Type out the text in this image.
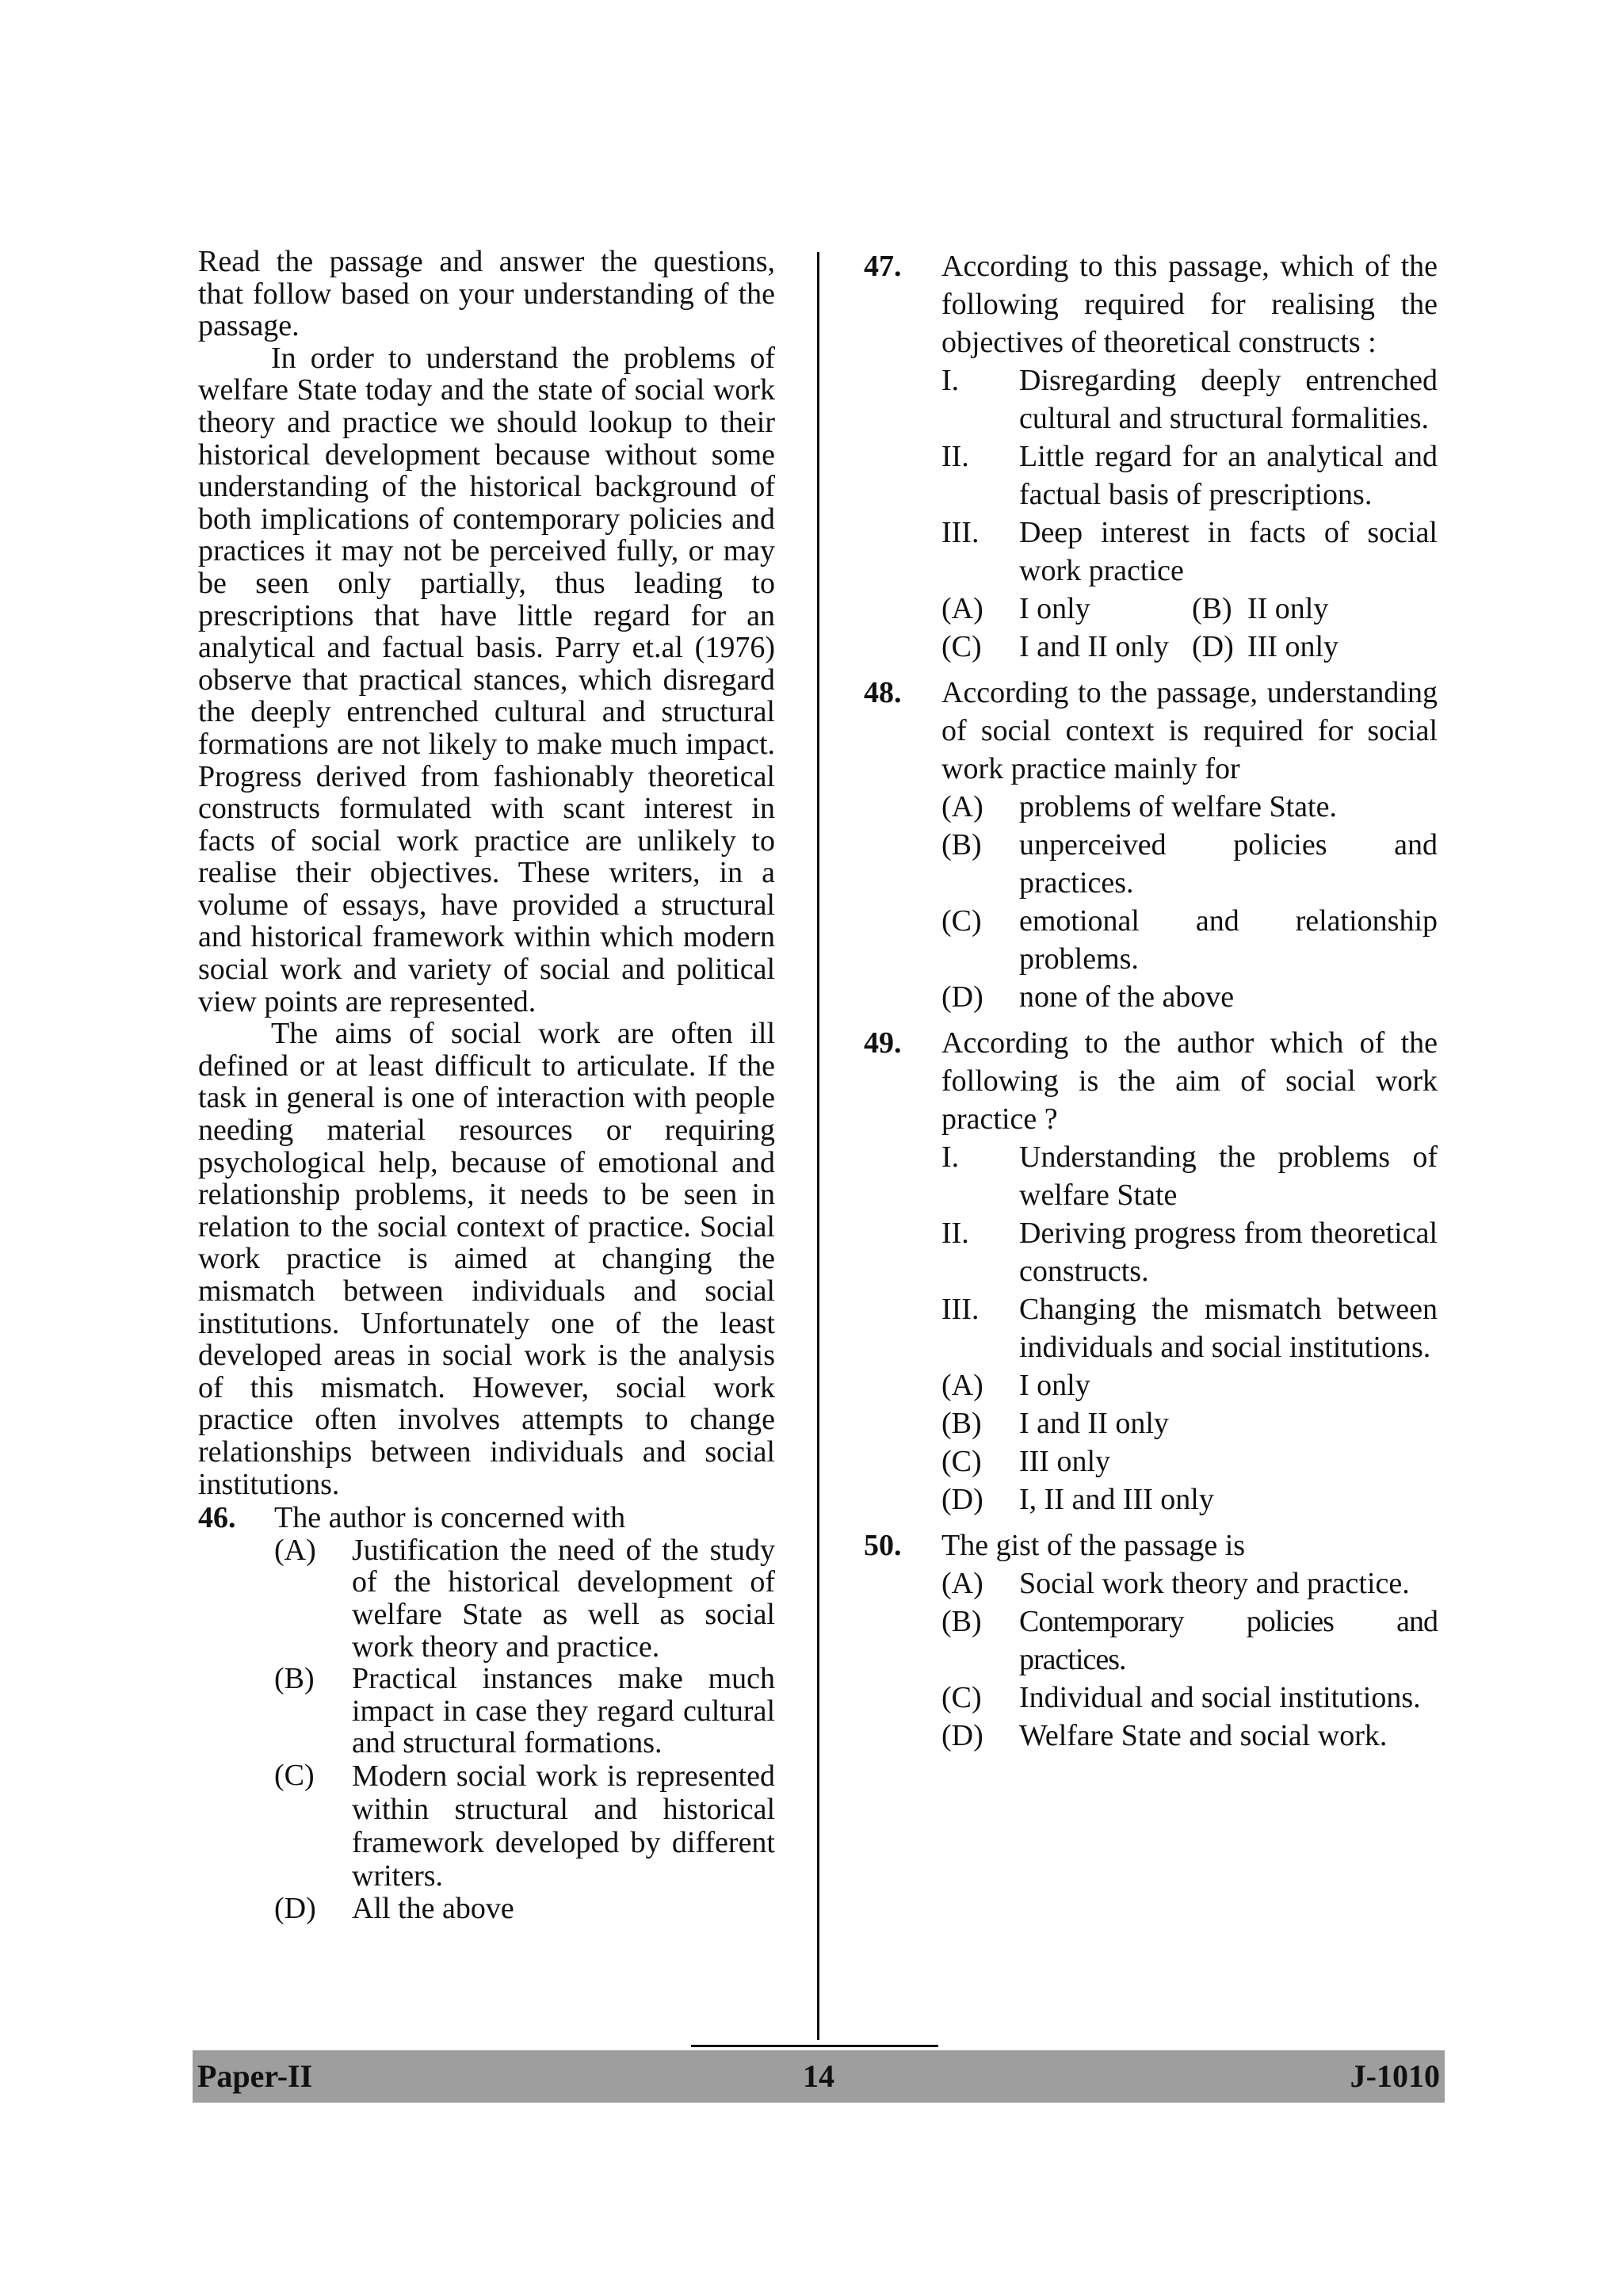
Read the passage and answer the questions, that follow based on your understanding of the passage.

In order to understand the problems of welfare State today and the state of social work theory and practice we should lookup to their historical development because without some understanding of the historical background of both implications of contemporary policies and practices it may not be perceived fully, or may be seen only partially, thus leading to prescriptions that have little regard for an analytical and factual basis. Parry et.al (1976) observe that practical stances, which disregard the deeply entrenched cultural and structural formations are not likely to make much impact. Progress derived from fashionably theoretical constructs formulated with scant interest in facts of social work practice are unlikely to realise their objectives. These writers, in a volume of essays, have provided a structural and historical framework within which modern social work and variety of social and political view points are represented.

The aims of social work are often ill defined or at least difficult to articulate. If the task in general is one of interaction with people needing material resources or requiring psychological help, because of emotional and relationship problems, it needs to be seen in relation to the social context of practice. Social work practice is aimed at changing the mismatch between individuals and social institutions. Unfortunately one of the least developed areas in social work is the analysis of this mismatch. However, social work practice often involves attempts to change relationships between individuals and social institutions.

46.	The author is concerned with
(A)	Justification the need of the study of the historical development of welfare State as well as social work theory and practice.
(B)	Practical instances make much impact in case they regard cultural and structural formations.
(C)	Modern social work is represented within structural and historical framework developed by different writers.
(D)	All the above
47.	According to this passage, which of the following required for realising the objectives of theoretical constructs :
I.	Disregarding deeply entrenched cultural and structural formalities.
II.	Little regard for an analytical and factual basis of prescriptions.
III.	Deep interest in facts of social work practice
(A)	I only	(B) II only
(C)	I and II only (D) III only
48.	According to the passage, understanding of social context is required for social work practice mainly for
(A)	problems of welfare State.
(B)	unperceived policies and practices.
(C)	emotional and relationship problems.
(D)	none of the above
49.	According to the author which of the following is the aim of social work practice ?
I.	Understanding the problems of welfare State
II.	Deriving progress from theoretical constructs.
III.	Changing the mismatch between individuals and social institutions.
(A)	I only
(B)	I and II only
(C)	III only
(D)	I, II and III only
50.	The gist of the passage is
(A)	Social work theory and practice.
(B)	Contemporary policies and practices.
(C)	Individual and social institutions.
(D)	Welfare State and social work.
Paper-II	14	J-1010
